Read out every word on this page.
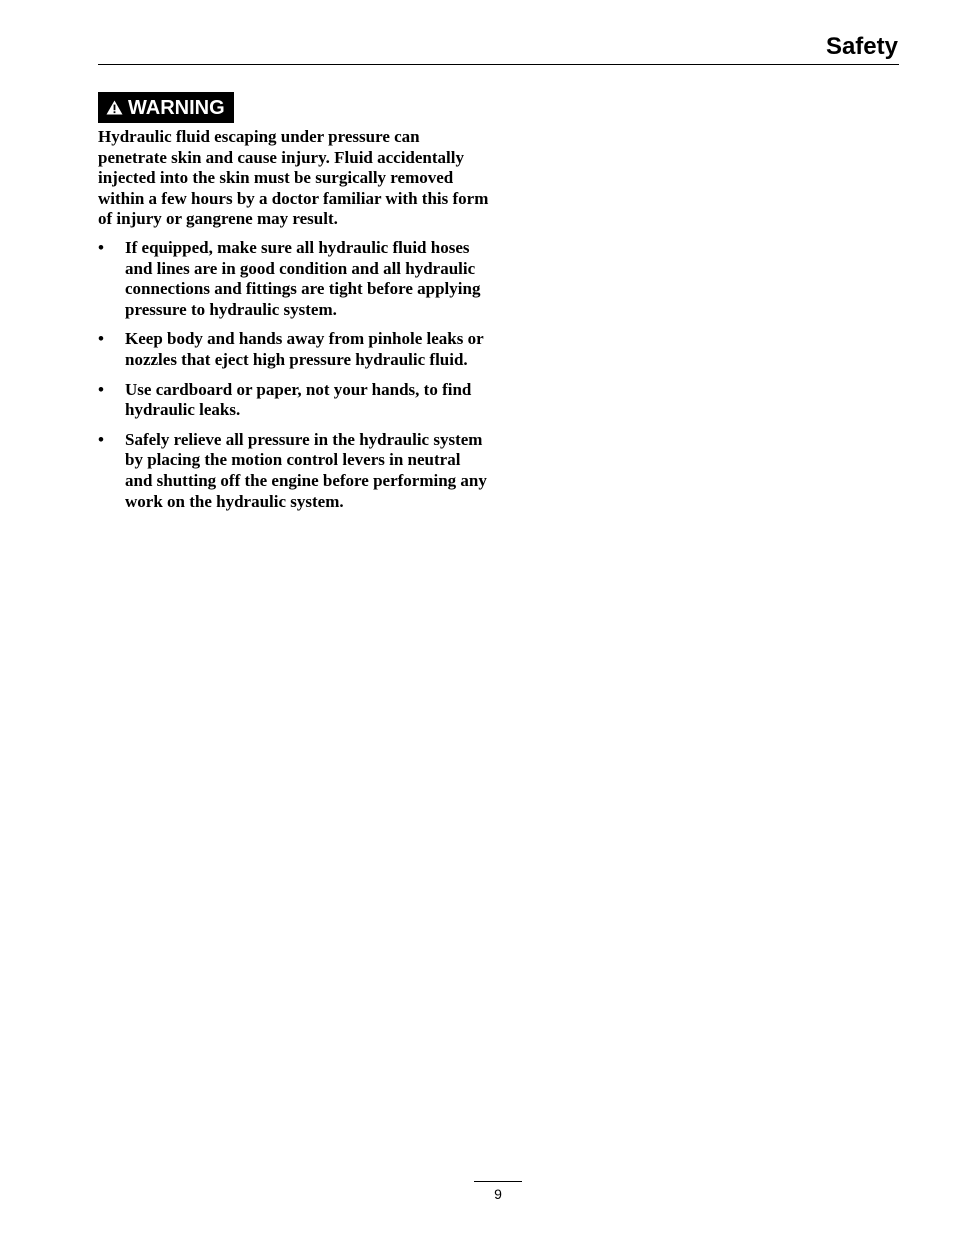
Safety
WARNING

Hydraulic fluid escaping under pressure can penetrate skin and cause injury. Fluid accidentally injected into the skin must be surgically removed within a few hours by a doctor familiar with this form of injury or gangrene may result.

• If equipped, make sure all hydraulic fluid hoses and lines are in good condition and all hydraulic connections and fittings are tight before applying pressure to hydraulic system.
• Keep body and hands away from pinhole leaks or nozzles that eject high pressure hydraulic fluid.
• Use cardboard or paper, not your hands, to find hydraulic leaks.
• Safely relieve all pressure in the hydraulic system by placing the motion control levers in neutral and shutting off the engine before performing any work on the hydraulic system.
9
